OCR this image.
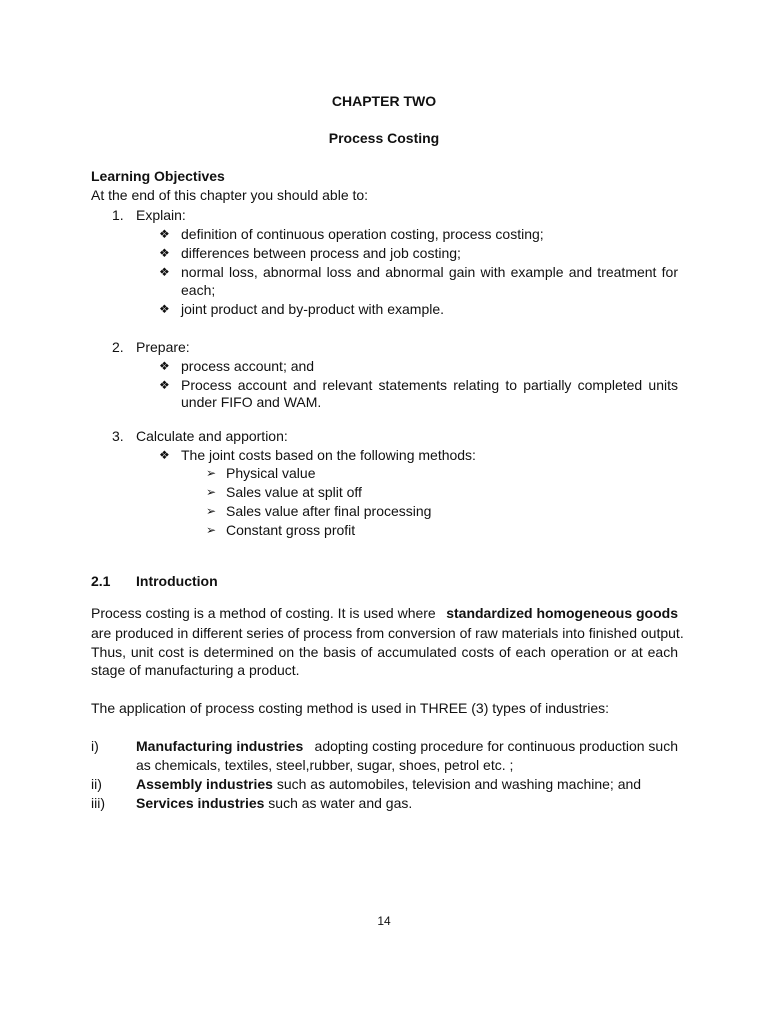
CHAPTER TWO
Process Costing
Learning Objectives
At the end of this chapter you should able to:
1. Explain:
❖ definition of continuous operation costing, process costing;
❖ differences between process and job costing;
❖ normal loss, abnormal loss and abnormal gain with example and treatment for
each;
❖ joint product and by-product with example.
2. Prepare:
❖ process account; and
❖ Process account and relevant statements relating to partially completed units
under FIFO and WAM.
3. Calculate and apportion:
❖ The joint costs based on the following methods:
➢ Physical value
➢ Sales value at split off
➢ Sales value after final processing
➢ Constant gross profit
2.1 Introduction
Process costing is a method of costing. It is used where standardized homogeneous goods
are produced in different series of process from conversion of raw materials into finished output.
Thus, unit cost is determined on the basis of accumulated costs of each operation or at each
stage of manufacturing a product.
The application of process costing method is used in THREE (3) types of industries:
i)	Manufacturing industries adopting costing procedure for continuous production such
as chemicals, textiles, steel,rubber, sugar, shoes, petrol etc. ;
ii) Assembly industries such as automobiles, television and washing machine; and
iii) Services industries such as water and gas.
14
